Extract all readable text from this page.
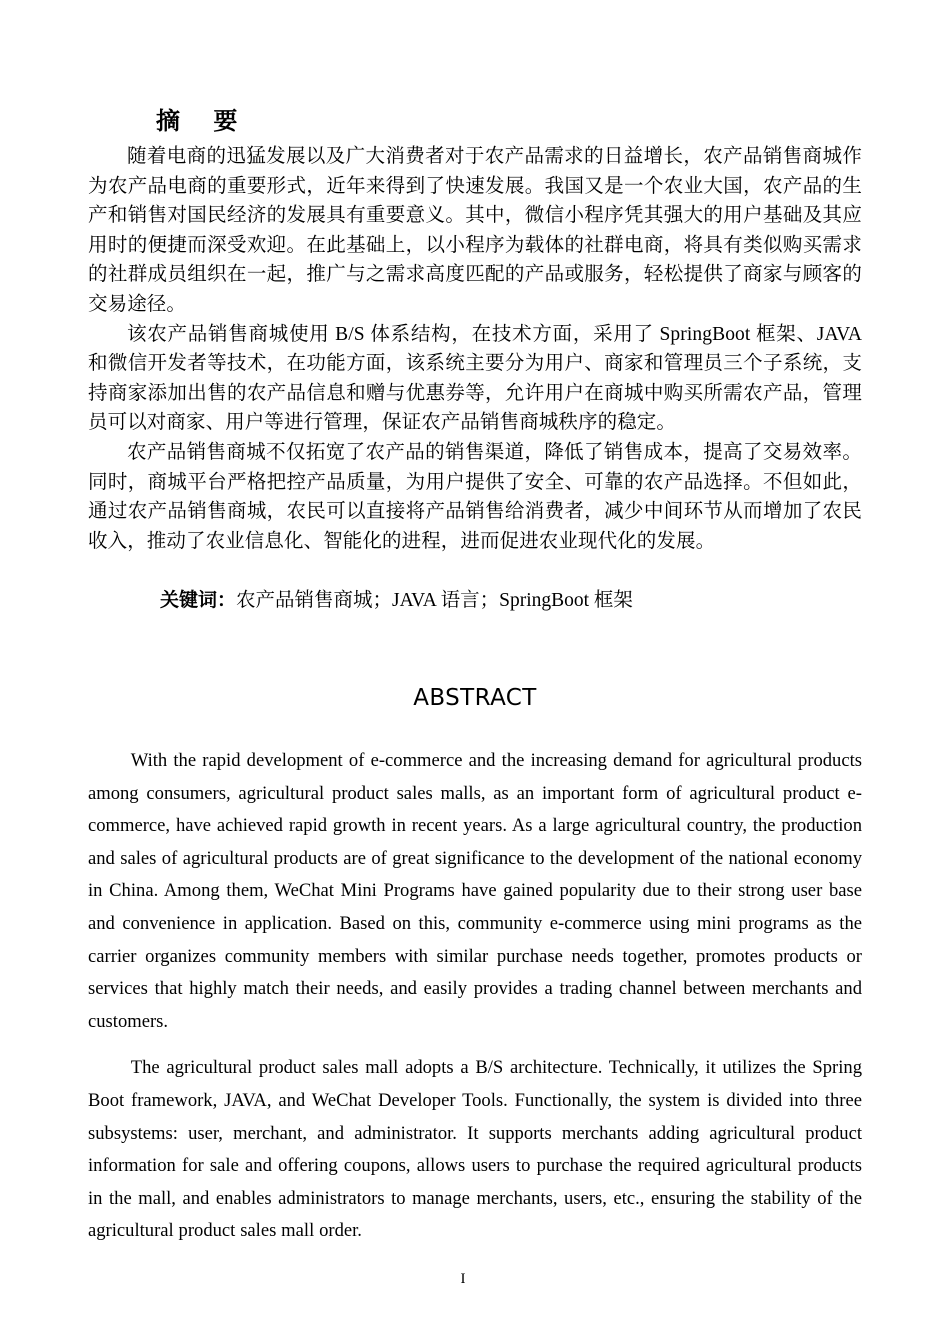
摘    要

随着电商的迅猛发展以及广大消费者对于农产品需求的日益增长，农产品销售商城作为农产品电商的重要形式，近年来得到了快速发展。我国又是一个农业大国，农产品的生产和销售对国民经济的发展具有重要意义。其中，微信小程序凭其强大的用户基础及其应用时的便捷而深受欢迎。在此基础上，以小程序为载体的社群电商，将具有类似购买需求的社群成员组织在一起，推广与之需求高度匹配的产品或服务，轻松提供了商家与顾客的交易途径。

该农产品销售商城使用 B/S 体系结构，在技术方面，采用了 SpringBoot 框架、JAVA 和微信开发者等技术，在功能方面，该系统主要分为用户、商家和管理员三个子系统，支持商家添加出售的农产品信息和赠与优惠券等，允许用户在商城中购买所需农产品，管理员可以对商家、用户等进行管理，保证农产品销售商城秩序的稳定。

农产品销售商城不仅拓宽了农产品的销售渠道，降低了销售成本，提高了交易效率。同时，商城平台严格把控产品质量，为用户提供了安全、可靠的农产品选择。不但如此，通过农产品销售商城，农民可以直接将产品销售给消费者，减少中间环节从而增加了农民收入，推动了农业信息化、智能化的进程，进而促进农业现代化的发展。

关键词：农产品销售商城；JAVA 语言；SpringBoot 框架

ABSTRACT

With the rapid development of e-commerce and the increasing demand for agricultural products among consumers, agricultural product sales malls, as an important form of agricultural product e-commerce, have achieved rapid growth in recent years. As a large agricultural country, the production and sales of agricultural products are of great significance to the development of the national economy in China. Among them, WeChat Mini Programs have gained popularity due to their strong user base and convenience in application. Based on this, community e-commerce using mini programs as the carrier organizes community members with similar purchase needs together, promotes products or services that highly match their needs, and easily provides a trading channel between merchants and customers.

The agricultural product sales mall adopts a B/S architecture. Technically, it utilizes the Spring Boot framework, JAVA, and WeChat Developer Tools. Functionally, the system is divided into three subsystems: user, merchant, and administrator. It supports merchants adding agricultural product information for sale and offering coupons, allows users to purchase the required agricultural products in the mall, and enables administrators to manage merchants, users, etc., ensuring the stability of the agricultural product sales mall order.

I
